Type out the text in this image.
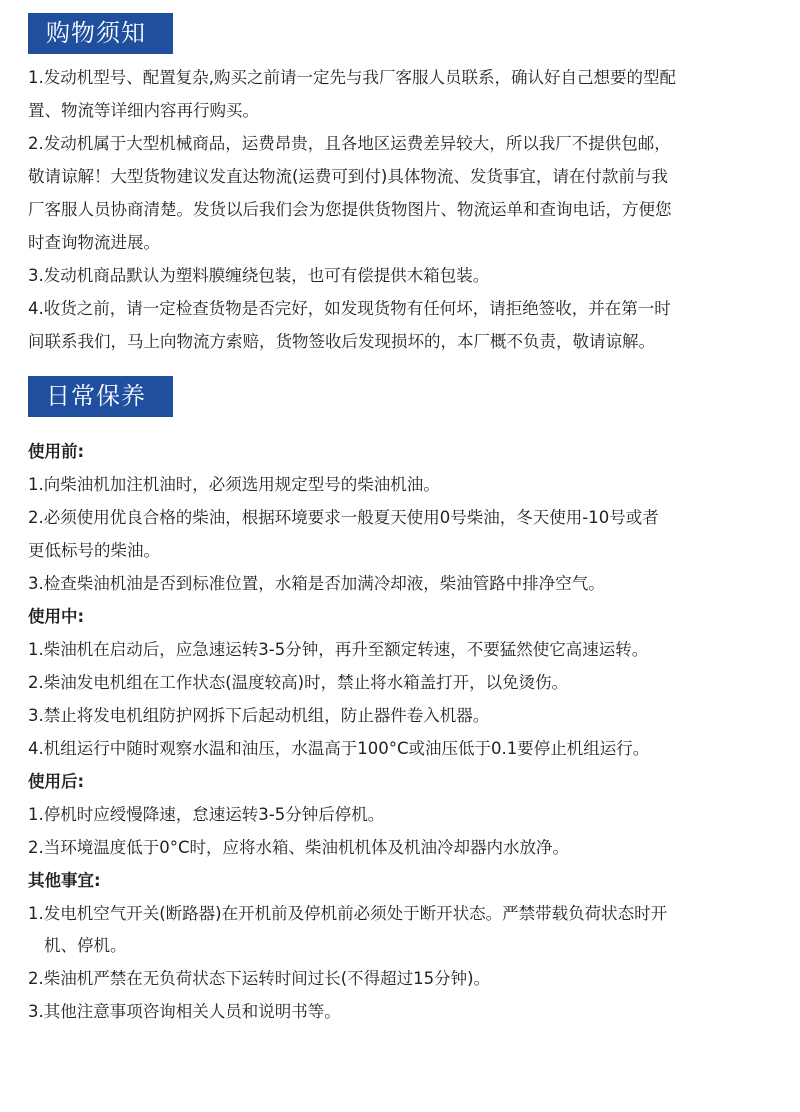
购物须知
1.发动机型号、配置复杂,购买之前请一定先与我厂客服人员联系，确认好自己想要的型配
置、物流等详细内容再行购买。
2.发动机属于大型机械商品，运费昂贵，且各地区运费差异较大，所以我厂不提供包邮，
敬请谅解！大型货物建议发直达物流(运费可到付)具体物流、发货事宜，请在付款前与我
厂客服人员协商清楚。发货以后我们会为您提供货物图片、物流运单和查询电话，方便您
时查询物流进展。
3.发动机商品默认为塑料膜缠绕包装，也可有偿提供木箱包装。
4.收货之前，请一定检查货物是否完好，如发现货物有任何坏，请拒绝签收，并在第一时
间联系我们，马上向物流方索赔，货物签收后发现损坏的，本厂概不负责，敬请谅解。
日常保养
使用前:
1.向柴油机加注机油时，必须选用规定型号的柴油机油。
2.必须使用优良合格的柴油，根据环境要求一般夏天使用0号柴油，冬天使用-10号或者
更低标号的柴油。
3.检查柴油机油是否到标准位置，水箱是否加满冷却液，柴油管路中排净空气。
使用中:
1.柴油机在启动后，应急速运转3-5分钟，再升至额定转速，不要猛然使它高速运转。
2.柴油发电机组在工作状态(温度较高)时，禁止将水箱盖打开，以免烫伤。
3.禁止将发电机组防护网拆下后起动机组，防止器件卷入机器。
4.机组运行中随时观察水温和油压，水温高于100°C或油压低于0.1要停止机组运行。
使用后:
1.停机时应绶慢降速，怠速运转3-5分钟后停机。
2.当环境温度低于0°C时，应将水箱、柴油机机体及机油冷却器内水放净。
其他事宜:
1.发电机空气开关(断路器)在开机前及停机前必须处于断开状态。严禁带载负荷状态时开
机、停机。
2.柴油机严禁在无负荷状态下运转时间过长(不得超过15分钟)。
3.其他注意事项咨询相关人员和说明书等。
